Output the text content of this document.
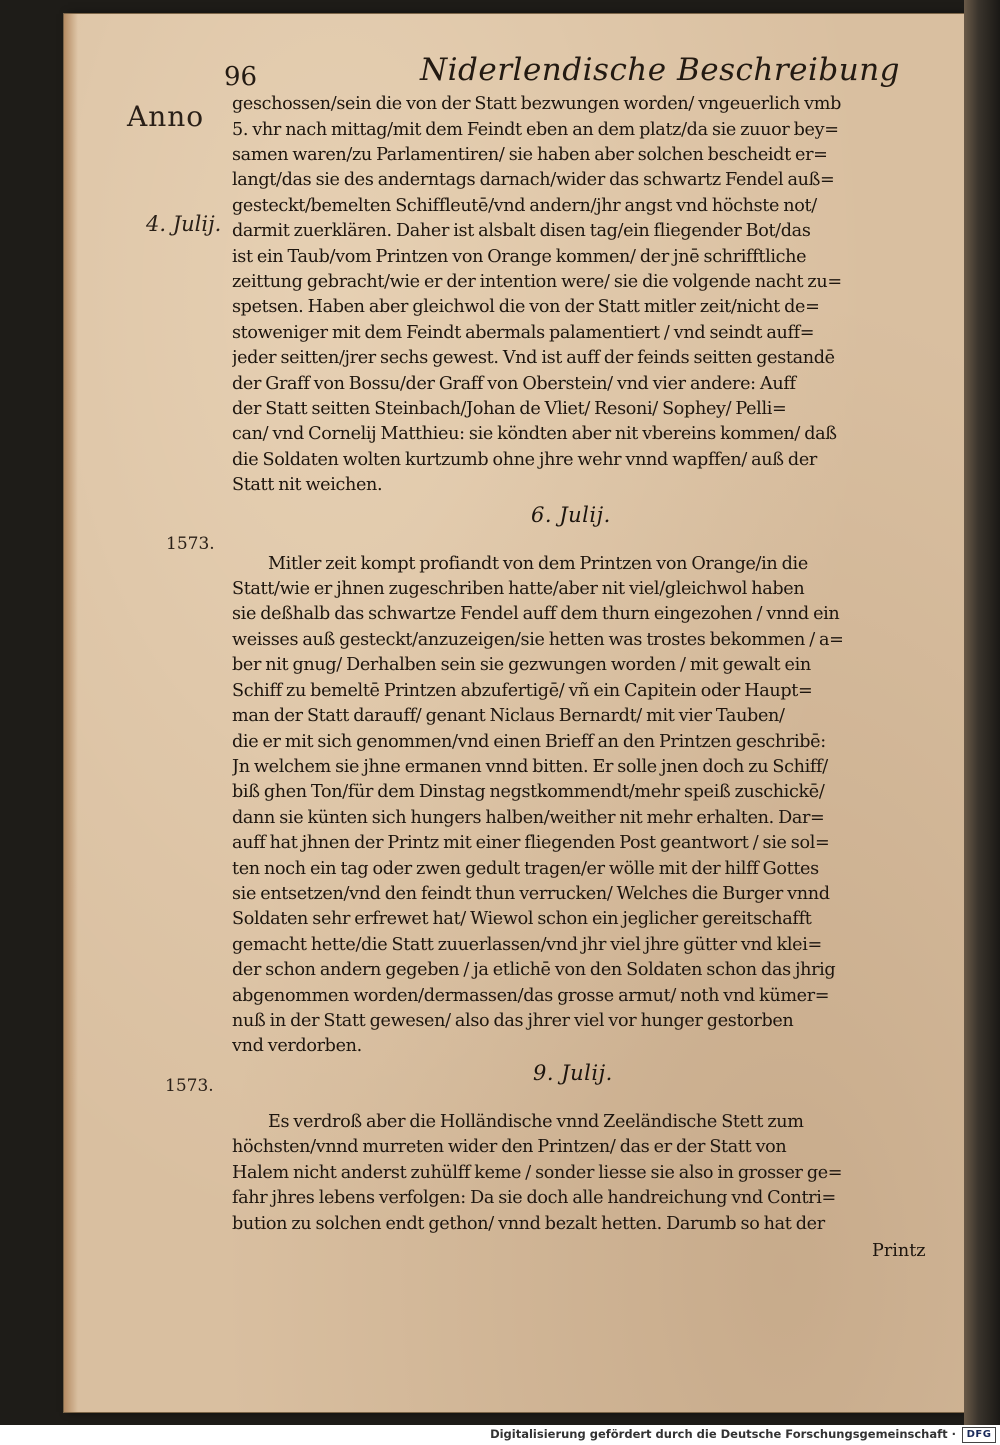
96	Niderlendische Beschreibung
Anno
4. Julij.
1573.
1573.
geschossen/sein die von der Statt bezwungen worden/ vngeuerlich vmb
5. vhr nach mittag/mit dem Feindt eben an dem platz/da sie zuuor bey=
samen waren/zu Parlamentiren/ sie haben aber solchen bescheidt er=
langt/das sie des anderntags darnach/wider das schwartz Fendel auß=
gesteckt/bemelten Schiffleutē/vnd andern/jhr angst vnd höchste not/
darmit zuerklären. Daher ist alsbalt disen tag/ein fliegender Bot/das
ist ein Taub/vom Printzen von Orange kommen/ der jnē schrifftliche
zeittung gebracht/wie er der intention were/ sie die volgende nacht zu=
spetsen. Haben aber gleichwol die von der Statt mitler zeit/nicht de=
stoweniger mit dem Feindt abermals palamentiert / vnd seindt auff=
jeder seitten/jrer sechs gewest. Vnd ist auff der feinds seitten gestandē
der Graff von Bossu/der Graff von Oberstein/ vnd vier andere: Auff
der Statt seitten Steinbach/Johan de Vliet/ Resoni/ Sophey/ Pelli=
can/ vnd Cornelij Matthieu: sie köndten aber nit vbereins kommen/ daß
die Soldaten wolten kurtzumb ohne jhre wehr vnnd wapffen/ auß der
Statt nit weichen.
6. Julij.
Mitler zeit kompt profiandt von dem Printzen von Orange/in die
Statt/wie er jhnen zugeschriben hatte/aber nit viel/gleichwol haben
sie deßhalb das schwartze Fendel auff dem thurn eingezohen / vnnd ein
weisses auß gesteckt/anzuzeigen/sie hetten was trostes bekommen / a=
ber nit gnug/ Derhalben sein sie gezwungen worden / mit gewalt ein
Schiff zu bemeltē Printzen abzufertigē/ vñ ein Capitein oder Haupt=
man der Statt darauff/ genant Niclaus Bernardt/ mit vier Tauben/
die er mit sich genommen/vnd einen Brieff an den Printzen geschribē:
Jn welchem sie jhne ermanen vnnd bitten. Er solle jnen doch zu Schiff/
biß ghen Ton/für dem Dinstag negstkommendt/mehr speiß zuschickē/
dann sie künten sich hungers halben/weither nit mehr erhalten. Dar=
auff hat jhnen der Printz mit einer fliegenden Post geantwort / sie sol=
ten noch ein tag oder zwen gedult tragen/er wölle mit der hilff Gottes
sie entsetzen/vnd den feindt thun verrucken/ Welches die Burger vnnd
Soldaten sehr erfrewet hat/ Wiewol schon ein jeglicher gereitschafft
gemacht hette/die Statt zuuerlassen/vnd jhr viel jhre gütter vnd klei=
der schon andern gegeben / ja etlichē von den Soldaten schon das jhrig
abgenommen worden/dermassen/das grosse armut/ noth vnd kümer=
nuß in der Statt gewesen/ also das jhrer viel vor hunger gestorben
vnd verdorben.
9. Julij.
Es verdroß aber die Holländische vnnd Zeeländische Stett zum
höchsten/vnnd murreten wider den Printzen/ das er der Statt von
Halem nicht anderst zuhülff keme / sonder liesse sie also in grosser ge=
fahr jhres lebens verfolgen: Da sie doch alle handreichung vnd Contri=
bution zu solchen endt gethon/ vnnd bezalt hetten. Darumb so hat der
Printz
Digitalisierung gefördert durch die Deutsche Forschungsgemeinschaft ·	DFG
